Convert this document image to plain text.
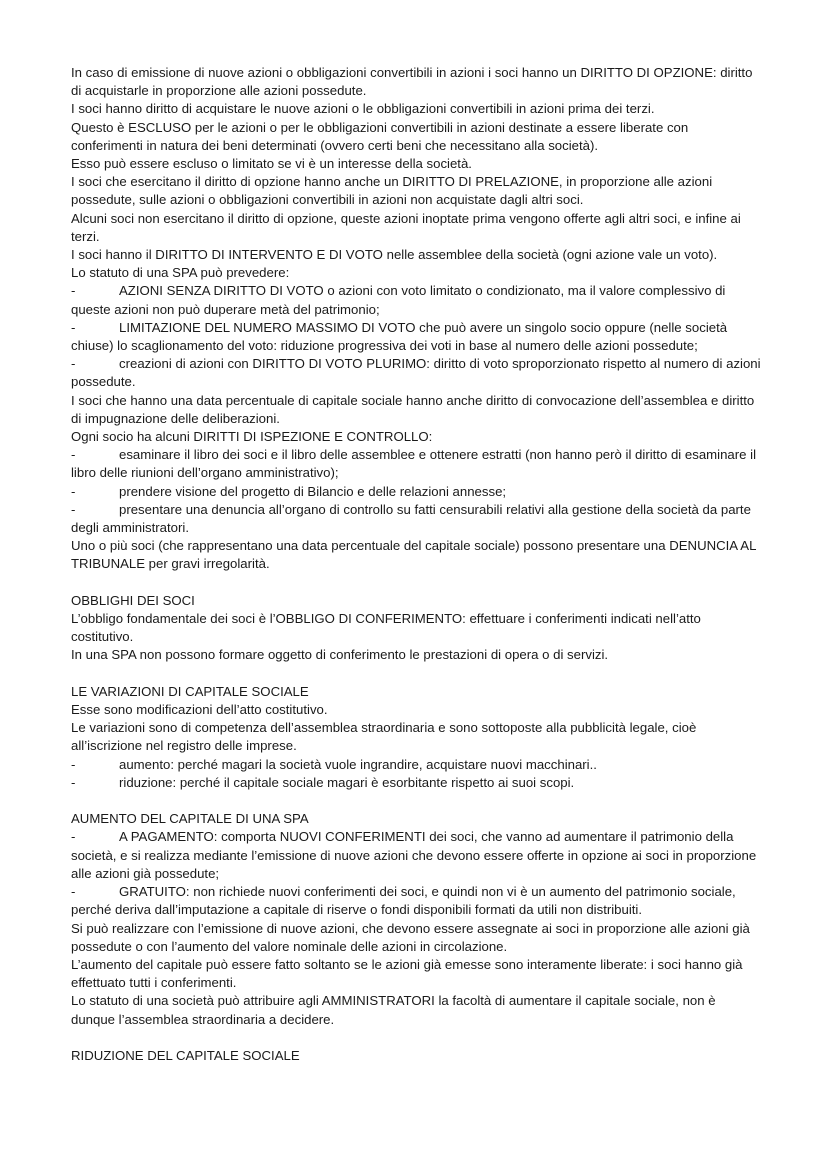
In caso di emissione di nuove azioni o obbligazioni convertibili in azioni i soci hanno un DIRITTO DI OPZIONE: diritto di acquistarle in proporzione alle azioni possedute.

I soci hanno diritto di acquistare le nuove azioni o le obbligazioni convertibili in azioni prima dei terzi.

Questo è ESCLUSO per le azioni o per le obbligazioni convertibili in azioni destinate a essere liberate con conferimenti in natura dei beni determinati (ovvero certi beni che necessitano alla società).

Esso può essere escluso o limitato se vi è un interesse della società.

I soci che esercitano il diritto di opzione hanno anche un DIRITTO DI PRELAZIONE, in proporzione alle azioni possedute, sulle azioni o obbligazioni convertibili in azioni non acquistate dagli altri soci.

Alcuni soci non esercitano il diritto di opzione, queste azioni inoptate prima vengono offerte agli altri soci, e infine ai terzi.

I soci hanno il DIRITTO DI INTERVENTO E DI VOTO nelle assemblee della società (ogni azione vale un voto).

Lo statuto di una SPA può prevedere:

-	AZIONI SENZA DIRITTO DI VOTO o azioni con voto limitato o condizionato, ma il valore complessivo di queste azioni non può duperare metà del patrimonio;

-	LIMITAZIONE DEL NUMERO MASSIMO DI VOTO che può avere un singolo socio oppure (nelle società chiuse) lo scaglionamento del voto: riduzione progressiva dei voti in base al numero delle azioni possedute;

-	creazioni di azioni con DIRITTO DI VOTO PLURIMO: diritto di voto sproporzionato rispetto al numero di azioni possedute.

I soci che hanno una data percentuale di capitale sociale hanno anche diritto di convocazione dell’assemblea e diritto di impugnazione delle deliberazioni.

Ogni socio ha alcuni DIRITTI DI ISPEZIONE E CONTROLLO:

-	esaminare il libro dei soci e il libro delle assemblee e ottenere estratti (non hanno però il diritto di esaminare il libro delle riunioni dell’organo amministrativo);

-	prendere visione del progetto di Bilancio e delle relazioni annesse;

-	presentare una denuncia all’organo di controllo su fatti censurabili relativi alla gestione della società da parte degli amministratori.

Uno o più soci (che rappresentano una data percentuale del capitale sociale) possono presentare una DENUNCIA AL TRIBUNALE per gravi irregolarità.

OBBLIGHI DEI SOCI

L’obbligo fondamentale dei soci è l’OBBLIGO DI CONFERIMENTO: effettuare i conferimenti indicati nell’atto costitutivo.

In una SPA non possono formare oggetto di conferimento le prestazioni di opera o di servizi.

LE VARIAZIONI DI CAPITALE SOCIALE

Esse sono modificazioni dell’atto costitutivo.

Le variazioni sono di competenza dell’assemblea straordinaria e sono sottoposte alla pubblicità legale, cioè all’iscrizione nel registro delle imprese.

-	aumento: perché magari la società vuole ingrandire, acquistare nuovi macchinari..

-	riduzione: perché il capitale sociale magari è esorbitante rispetto ai suoi scopi.

AUMENTO DEL CAPITALE DI UNA SPA

-	A PAGAMENTO: comporta NUOVI CONFERIMENTI dei soci, che vanno ad aumentare il patrimonio della società, e si realizza mediante l’emissione di nuove azioni che devono essere offerte in opzione ai soci in proporzione alle azioni già possedute;

-	GRATUITO: non richiede nuovi conferimenti dei soci, e quindi non vi è un aumento del patrimonio sociale, perché deriva dall’imputazione a capitale di riserve o fondi disponibili formati da utili non distribuiti.

Si può realizzare con l’emissione di nuove azioni, che devono essere assegnate ai soci in proporzione alle azioni già possedute o con l’aumento del valore nominale delle azioni in circolazione.

L’aumento del capitale può essere fatto soltanto se le azioni già emesse sono interamente liberate: i soci hanno già effettuato tutti i conferimenti.

Lo statuto di una società può attribuire agli AMMINISTRATORI la facoltà di aumentare il capitale sociale, non è dunque l’assemblea straordinaria a decidere.

RIDUZIONE DEL CAPITALE SOCIALE
